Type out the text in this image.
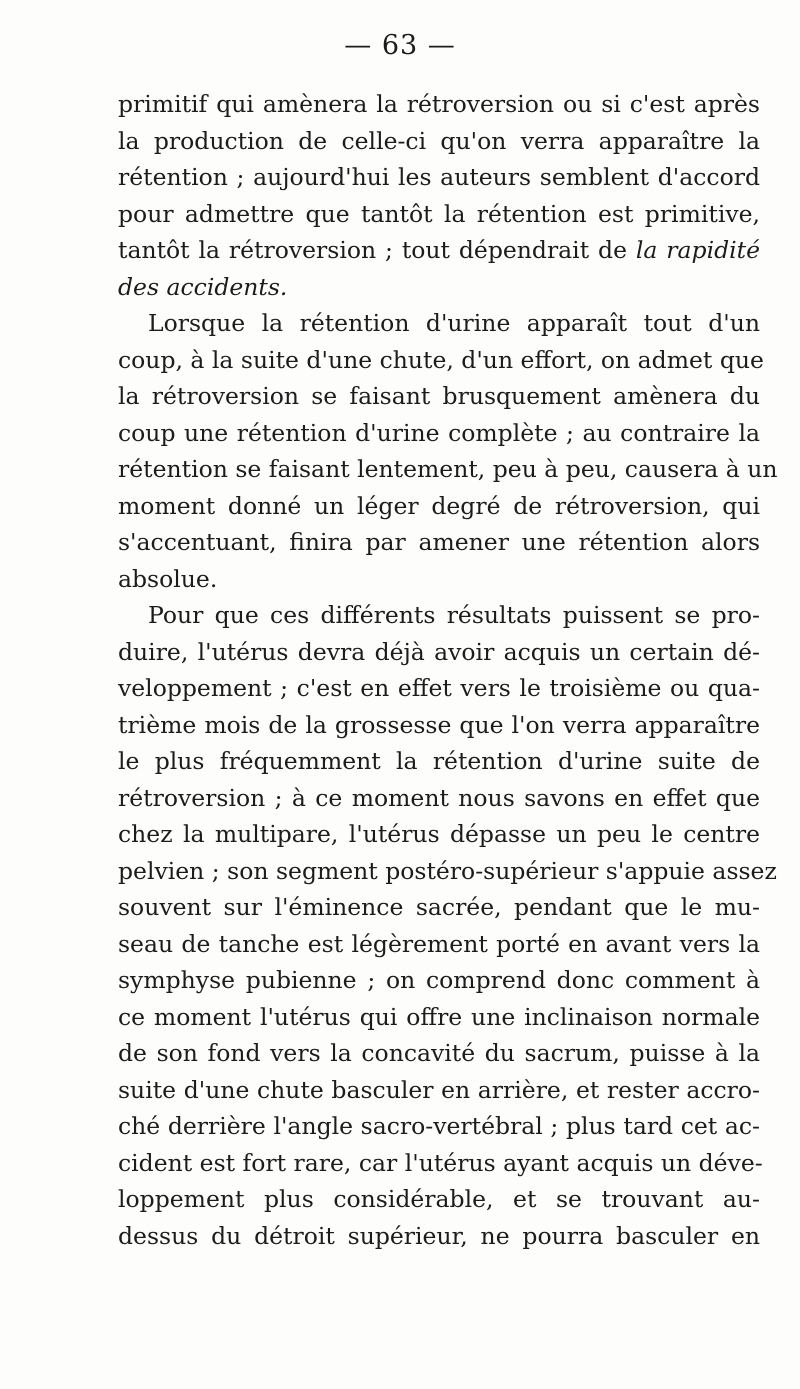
— 63 —
primitif qui amènera la rétroversion ou si c'est après
la production de celle-ci qu'on verra apparaître la
rétention ; aujourd'hui les auteurs semblent d'accord
pour admettre que tantôt la rétention est primitive,
tantôt la rétroversion ; tout dépendrait de la rapidité
des accidents.
Lorsque la rétention d'urine apparaît tout d'un
coup, à la suite d'une chute, d'un effort, on admet que
la rétroversion se faisant brusquement amènera du
coup une rétention d'urine complète ; au contraire la
rétention se faisant lentement, peu à peu, causera à un
moment donné un léger degré de rétroversion, qui
s'accentuant, finira par amener une rétention alors
absolue.
Pour que ces différents résultats puissent se pro-
duire, l'utérus devra déjà avoir acquis un certain dé-
veloppement ; c'est en effet vers le troisième ou qua-
trième mois de la grossesse que l'on verra apparaître
le plus fréquemment la rétention d'urine suite de
rétroversion ; à ce moment nous savons en effet que
chez la multipare, l'utérus dépasse un peu le centre
pelvien ; son segment postéro-supérieur s'appuie assez
souvent sur l'éminence sacrée, pendant que le mu-
seau de tanche est légèrement porté en avant vers la
symphyse pubienne ; on comprend donc comment à
ce moment l'utérus qui offre une inclinaison normale
de son fond vers la concavité du sacrum, puisse à la
suite d'une chute basculer en arrière, et rester accro-
ché derrière l'angle sacro-vertébral ; plus tard cet ac-
cident est fort rare, car l'utérus ayant acquis un déve-
loppement plus considérable, et se trouvant au-
dessus du détroit supérieur, ne pourra basculer en
